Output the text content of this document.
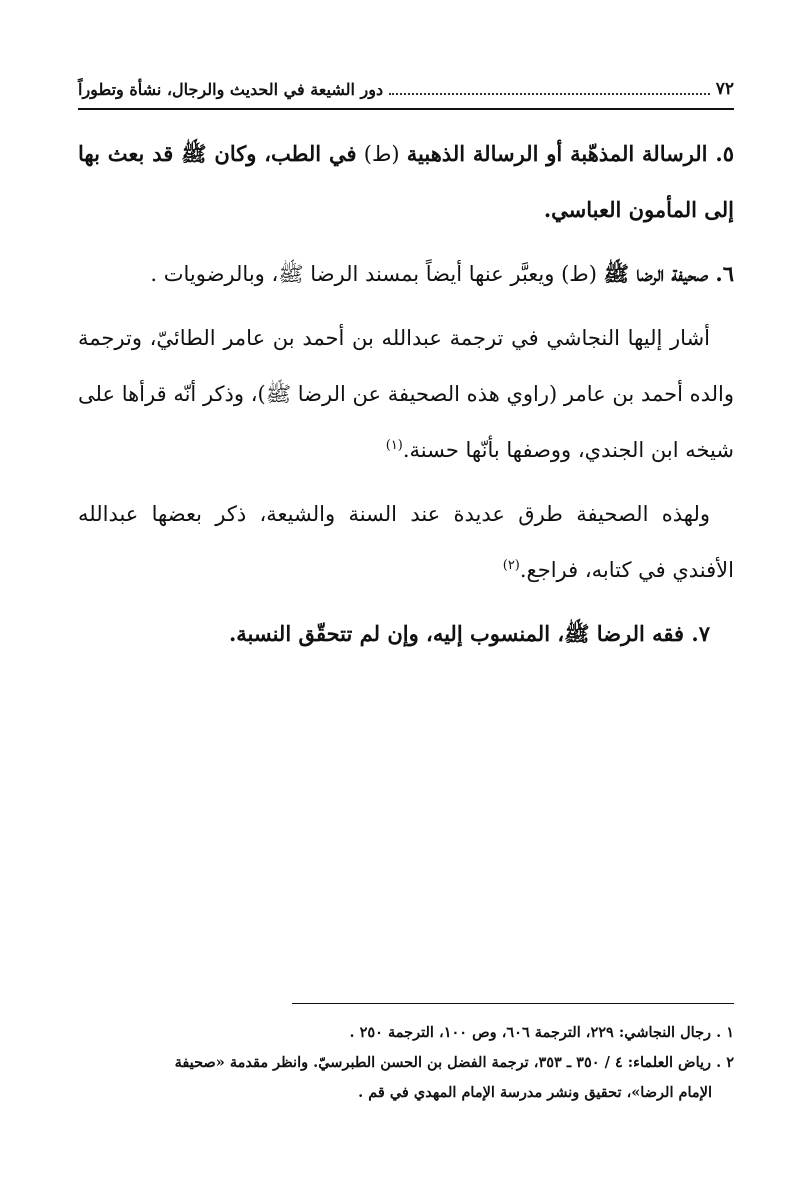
٧٢
دور الشيعة في الحديث والرجال، نشأة وتطوراً

٥. الرسالة المذهّبة أو الرسالة الذهبية (ط) في الطب، وكان ﷺ قد بعث بها إلى المأمون العباسي.

٦. صحيفة الرضا ﷺ (ط) ويعبَّر عنها أيضاً بمسند الرضا ﷺ، وبالرضويات .

أشار إليها النجاشي في ترجمة عبدالله بن أحمد بن عامر الطائيّ، وترجمة والده أحمد بن عامر (راوي هذه الصحيفة عن الرضا ﷺ)، وذكر أنّه قرأها على شيخه ابن الجندي، ووصفها بأنّها حسنة.$^{(١)}$

ولهذه الصحيفة طرق عديدة عند السنة والشيعة، ذكر بعضها عبدالله الأفندي في كتابه، فراجع.$^{(٢)}$

٧. فقه الرضا ﷺ، المنسوب إليه، وإن لم تتحقّق النسبة.

١ . رجال النجاشي: ٢٢٩، الترجمة ٦٠٦، وص ١٠٠، الترجمة ٢٥٠ .

٢ . رياض العلماء: ٤ / ٣٥٠ ـ ٣٥٣، ترجمة الفضل بن الحسن الطبرسيّ. وانظر مقدمة «صحيفة

الإمام الرضا»، تحقيق ونشر مدرسة الإمام المهدي في قم .
